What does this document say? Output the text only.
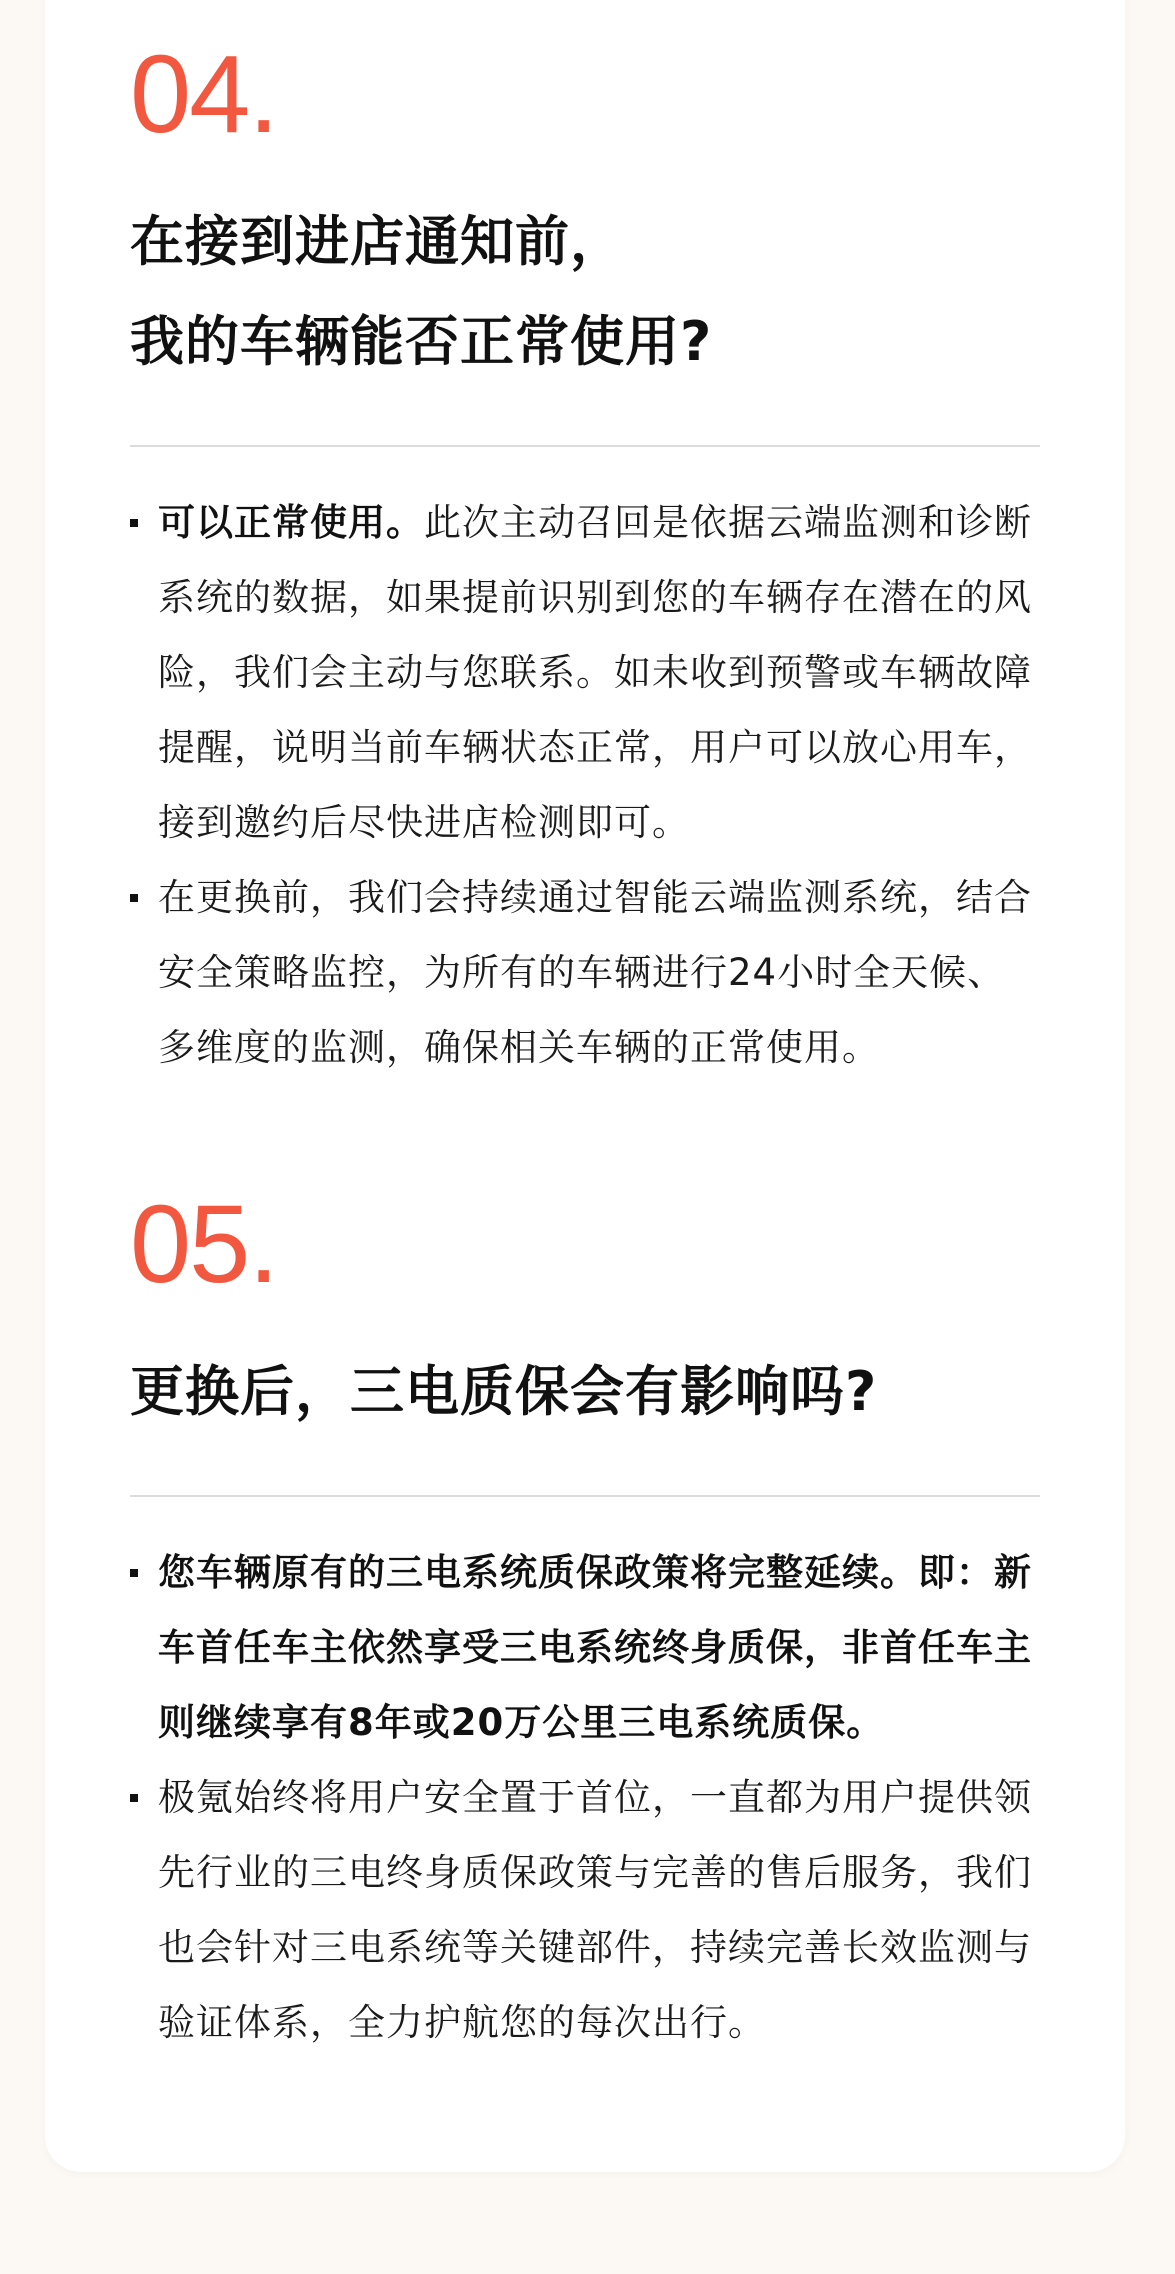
04.
在接到进店通知前，
我的车辆能否正常使用?
可以正常使用。此次主动召回是依据云端监测和诊断系统的数据，如果提前识别到您的车辆存在潜在的风险，我们会主动与您联系。如未收到预警或车辆故障提醒，说明当前车辆状态正常，用户可以放心用车，接到邀约后尽快进店检测即可。
在更换前，我们会持续通过智能云端监测系统，结合安全策略监控，为所有的车辆进行24小时全天候、多维度的监测，确保相关车辆的正常使用。
05.
更换后，三电质保会有影响吗?
您车辆原有的三电系统质保政策将完整延续。即：新车首任车主依然享受三电系统终身质保，非首任车主则继续享有8年或20万公里三电系统质保。
极氪始终将用户安全置于首位，一直都为用户提供领先行业的三电终身质保政策与完善的售后服务，我们也会针对三电系统等关键部件，持续完善长效监测与验证体系，全力护航您的每次出行。
